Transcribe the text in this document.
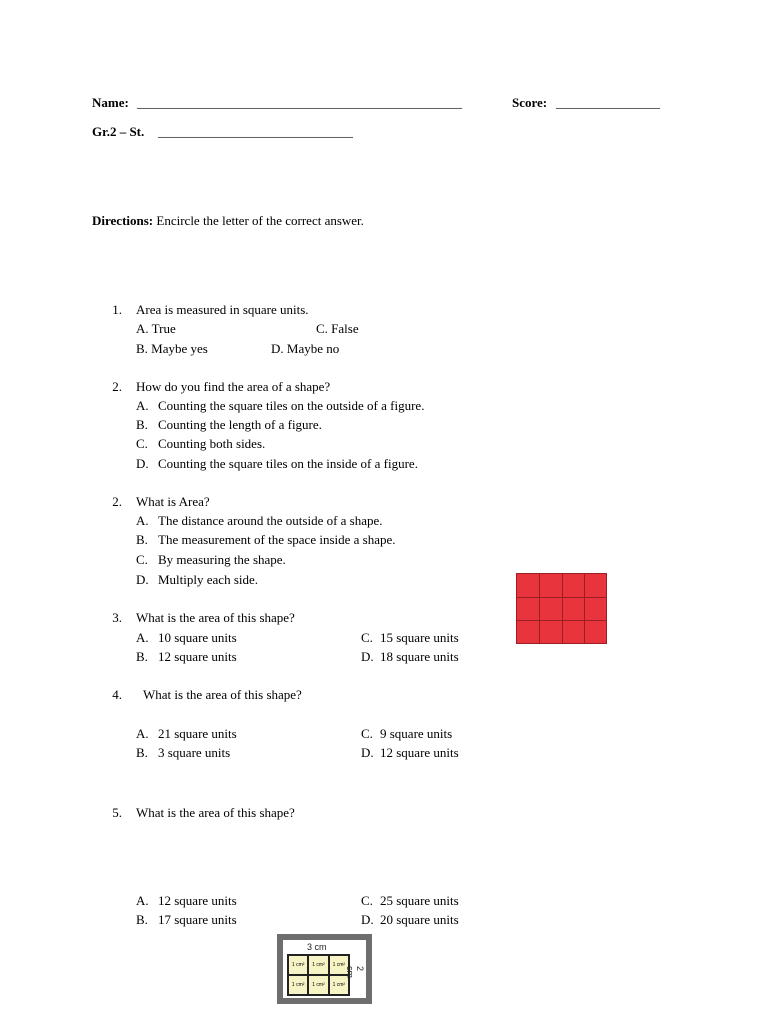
Name: __________________________________________________	Score: ________________
Gr.2 – St. ______________________________
Directions: Encircle the letter of the correct answer.
1. Area is measured in square units.
A. True	C. False
B. Maybe yes	D. Maybe no
2. How do you find the area of a shape?
A. Counting the square tiles on the outside of a figure.
B. Counting the length of a figure.
C. Counting both sides.
D. Counting the square tiles on the inside of a figure.
2. What is Area?
A. The distance around the outside of a shape.
B. The measurement of the space inside a shape.
C. By measuring the shape.
D. Multiply each side.
3. What is the area of this shape?
A. 10 square units	C. 15 square units
B. 12 square units	D. 18 square units
4. What is the area of this shape?
A. 21 square units	C. 9 square units
B. 3 square units	D. 12 square units
5. What is the area of this shape?
A. 12 square units	C. 25 square units
B. 17 square units	D. 20 square units
3 cm
1 cm²	1 cm²	1 cm²
1 cm²	1 cm²	1 cm²
2 cm
